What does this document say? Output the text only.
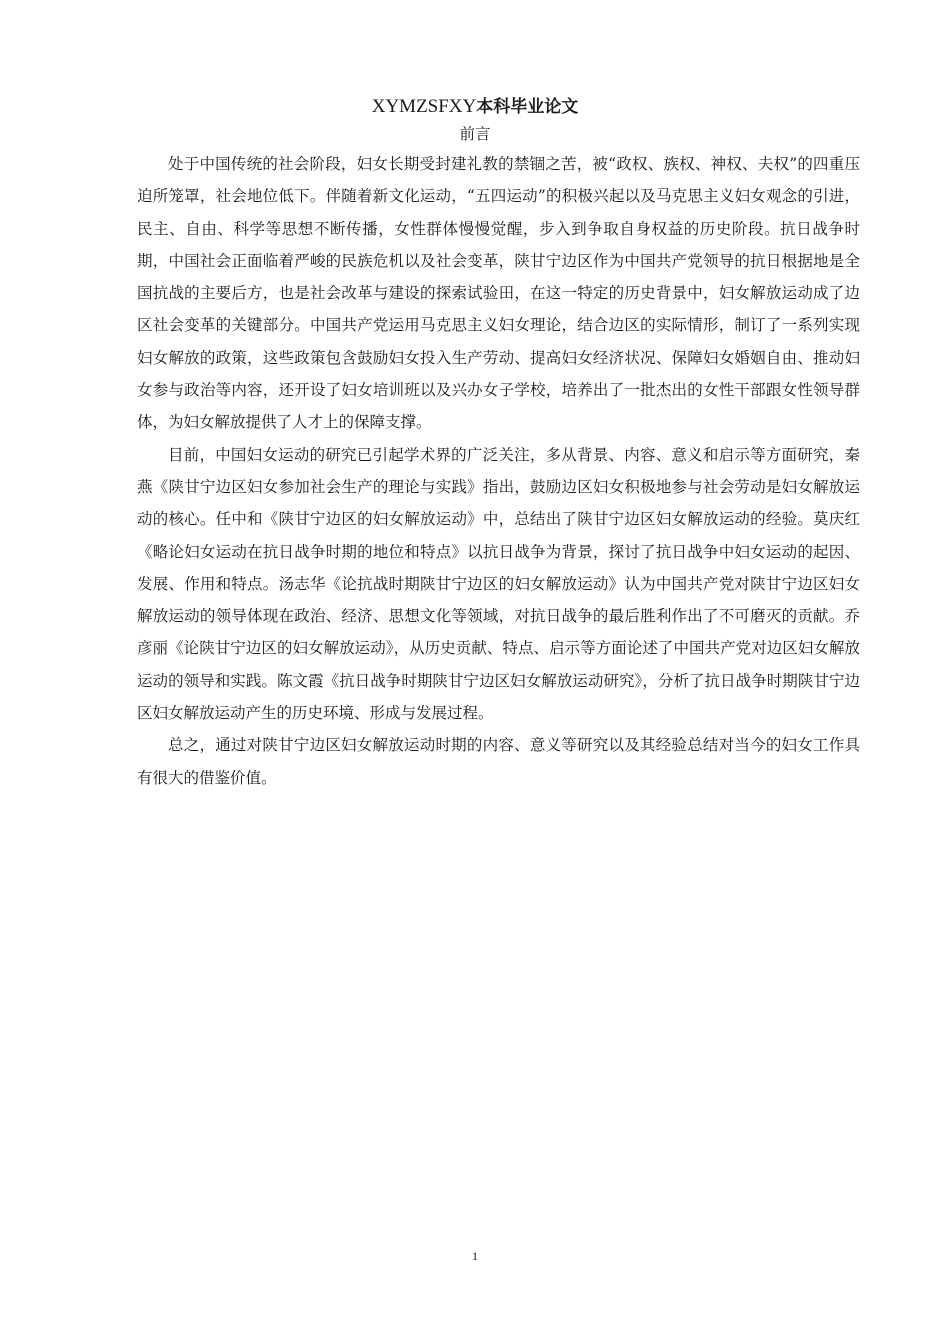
XYMZSFXY本科毕业论文
前言

处于中国传统的社会阶段，妇女长期受封建礼教的禁锢之苦，被“政权、族权、神权、夫权”的四重压迫所笼罩，社会地位低下。伴随着新文化运动，“五四运动”的积极兴起以及马克思主义妇女观念的引进，民主、自由、科学等思想不断传播，女性群体慢慢觉醒，步入到争取自身权益的历史阶段。抗日战争时期，中国社会正面临着严峻的民族危机以及社会变革，陕甘宁边区作为中国共产党领导的抗日根据地是全国抗战的主要后方，也是社会改革与建设的探索试验田，在这一特定的历史背景中，妇女解放运动成了边区社会变革的关键部分。中国共产党运用马克思主义妇女理论，结合边区的实际情形，制订了一系列实现妇女解放的政策，这些政策包含鼓励妇女投入生产劳动、提高妇女经济状况、保障妇女婚姻自由、推动妇女参与政治等内容，还开设了妇女培训班以及兴办女子学校，培养出了一批杰出的女性干部跟女性领导群体，为妇女解放提供了人才上的保障支撑。

目前，中国妇女运动的研究已引起学术界的广泛关注，多从背景、内容、意义和启示等方面研究，秦燕《陕甘宁边区妇女参加社会生产的理论与实践》指出，鼓励边区妇女积极地参与社会劳动是妇女解放运动的核心。任中和《陕甘宁边区的妇女解放运动》中，总结出了陕甘宁边区妇女解放运动的经验。莫庆红《略论妇女运动在抗日战争时期的地位和特点》以抗日战争为背景，探讨了抗日战争中妇女运动的起因、发展、作用和特点。汤志华《论抗战时期陕甘宁边区的妇女解放运动》认为中国共产党对陕甘宁边区妇女解放运动的领导体现在政治、经济、思想文化等领域，对抗日战争的最后胜利作出了不可磨灭的贡献。乔彦丽《论陕甘宁边区的妇女解放运动》，从历史贡献、特点、启示等方面论述了中国共产党对边区妇女解放运动的领导和实践。陈文霞《抗日战争时期陕甘宁边区妇女解放运动研究》，分析了抗日战争时期陕甘宁边区妇女解放运动产生的历史环境、形成与发展过程。

总之，通过对陕甘宁边区妇女解放运动时期的内容、意义等研究以及其经验总结对当今的妇女工作具有很大的借鉴价值。

1
